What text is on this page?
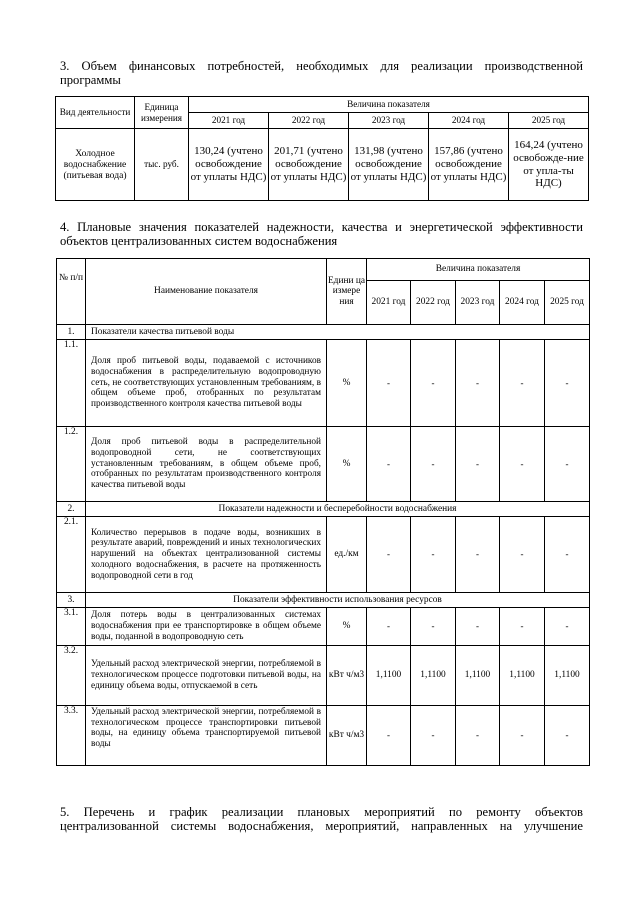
3. Объем финансовых потребностей, необходимых для реализации производственной
программы
Вид деятельности	Единица измерения	Величина показателя				
		2021 год	2022 год	2023 год	2024 год	2025 год
Холодное водоснабжение (питьевая вода)	тыс. руб.	130,24 (учтено освобождение от уплаты НДС)	201,71 (учтено освобождение от уплаты НДС)	131,98 (учтено освобождение от уплаты НДС)	157,86 (учтено освобождение от уплаты НДС)	164,24 (учтено освобожде-ние от упла-ты НДС)
4. Плановые значения показателей надежности, качества и энергетической эффективности
объектов централизованных систем водоснабжения
№ п/п	Наименование показателя	Едини ца измере ния	Величина показателя				
			2021 год	2022 год	2023 год	2024 год	2025 год
1.	Показатели качества питьевой воды						
1.1.	Доля проб питьевой воды, подаваемой с источников водоснабжения в распределительную водопроводную сеть, не соответствующих установленным требованиям, в общем объеме проб, отобранных по результатам производственного контроля качества питьевой воды	%	-	-	-	-	-
1.2.	Доля проб питьевой воды в распределительной водопроводной сети, не соответствующих установленным требованиям, в общем объеме проб, отобранных по результатам производственного контроля качества питьевой воды	%	-	-	-	-	-
2.	Показатели надежности и бесперебойности водоснабжения						
2.1.	Количество перерывов в подаче воды, возникших в результате аварий, повреждений и иных технологических нарушений на объектах централизованной системы холодного водоснабжения, в расчете на протяженность водопроводной сети в год	ед./км	-	-	-	-	-
3.	Показатели эффективности использования ресурсов						
3.1.	Доля потерь воды в централизованных системах водоснабжения при ее транспортировке в общем объеме воды, поданной в водопроводную сеть	%	-	-	-	-	-
3.2.	Удельный расход электрической энергии, потребляемой в технологическом процессе подготовки питьевой воды, на единицу объема воды, отпускаемой в сеть	кВт ч/м3	1,1100	1,1100	1,1100	1,1100	1,1100
3.3.	Удельный расход электрической энергии, потребляемой в технологическом процессе транспортировки питьевой воды, на единицу объема транспортируемой питьевой воды	кВт ч/м3	-	-	-	-	-
5. Перечень и график реализации плановых мероприятий по ремонту объектов
централизованной системы водоснабжения, мероприятий, направленных на улучшение
